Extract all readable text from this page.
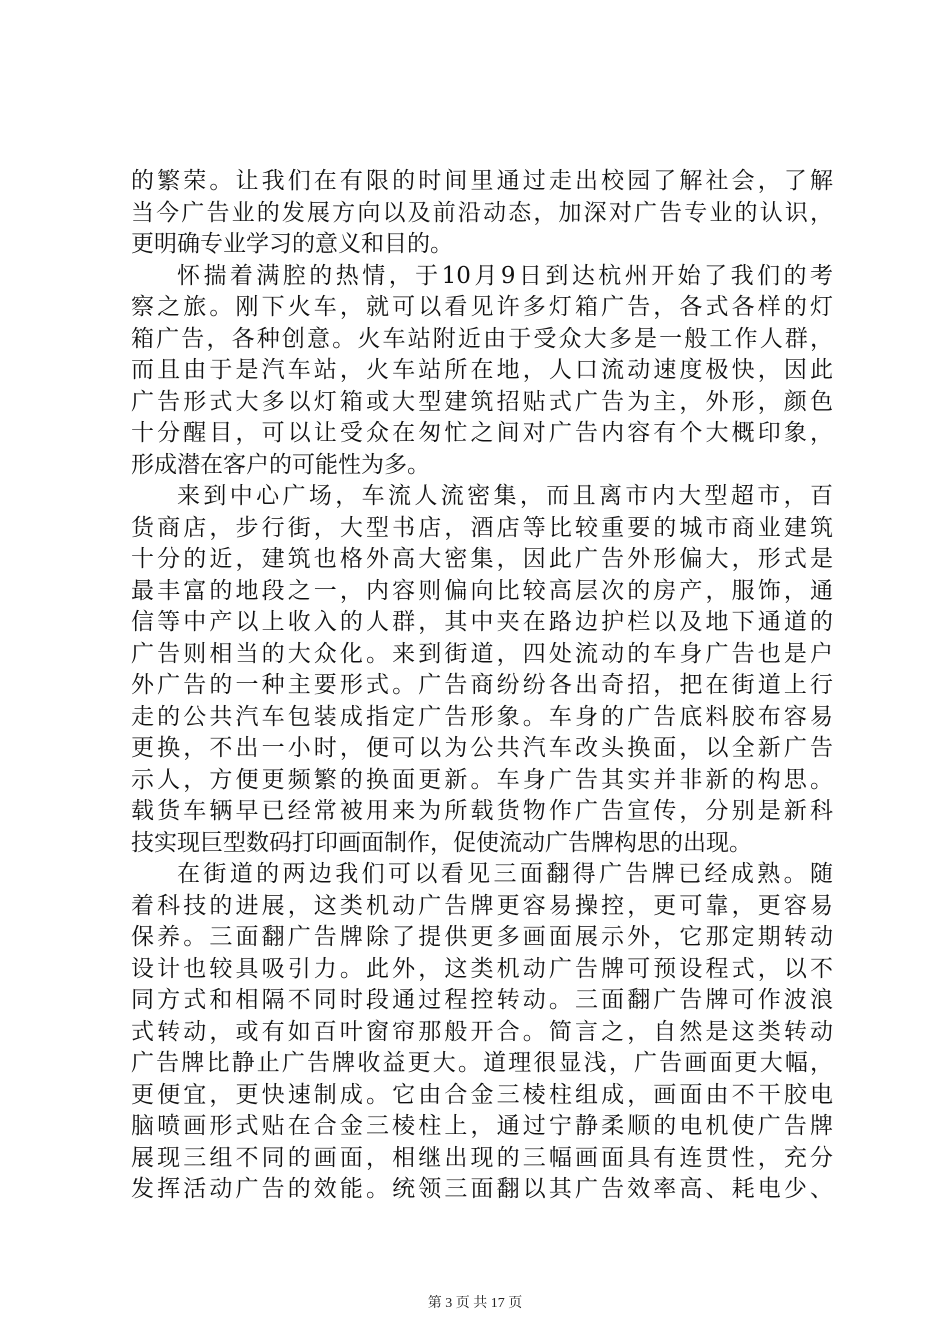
的繁荣。让我们在有限的时间里通过走出校园了解社会，了解
当今广告业的发展方向以及前沿动态，加深对广告专业的认识，
更明确专业学习的意义和目的。
怀揣着满腔的热情，于10月9日到达杭州开始了我们的考
察之旅。刚下火车，就可以看见许多灯箱广告，各式各样的灯
箱广告，各种创意。火车站附近由于受众大多是一般工作人群，
而且由于是汽车站，火车站所在地，人口流动速度极快，因此
广告形式大多以灯箱或大型建筑招贴式广告为主，外形，颜色
十分醒目，可以让受众在匆忙之间对广告内容有个大概印象，
形成潜在客户的可能性为多。
来到中心广场，车流人流密集，而且离市内大型超市，百
货商店，步行街，大型书店，酒店等比较重要的城市商业建筑
十分的近，建筑也格外高大密集，因此广告外形偏大，形式是
最丰富的地段之一，内容则偏向比较高层次的房产，服饰，通
信等中产以上收入的人群，其中夹在路边护栏以及地下通道的
广告则相当的大众化。来到街道，四处流动的车身广告也是户
外广告的一种主要形式。广告商纷纷各出奇招，把在街道上行
走的公共汽车包装成指定广告形象。车身的广告底料胶布容易
更换，不出一小时，便可以为公共汽车改头换面，以全新广告
示人，方便更频繁的换面更新。车身广告其实并非新的构思。
载货车辆早已经常被用来为所载货物作广告宣传，分别是新科
技实现巨型数码打印画面制作，促使流动广告牌构思的出现。
在街道的两边我们可以看见三面翻得广告牌已经成熟。随
着科技的进展，这类机动广告牌更容易操控，更可靠，更容易
保养。三面翻广告牌除了提供更多画面展示外，它那定期转动
设计也较具吸引力。此外，这类机动广告牌可预设程式，以不
同方式和相隔不同时段通过程控转动。三面翻广告牌可作波浪
式转动，或有如百叶窗帘那般开合。简言之，自然是这类转动
广告牌比静止广告牌收益更大。道理很显浅，广告画面更大幅，
更便宜，更快速制成。它由合金三棱柱组成，画面由不干胶电
脑喷画形式贴在合金三棱柱上，通过宁静柔顺的电机使广告牌
展现三组不同的画面，相继出现的三幅画面具有连贯性，充分
发挥活动广告的效能。统领三面翻以其广告效率高、耗电少、
第 3 页 共 17 页
